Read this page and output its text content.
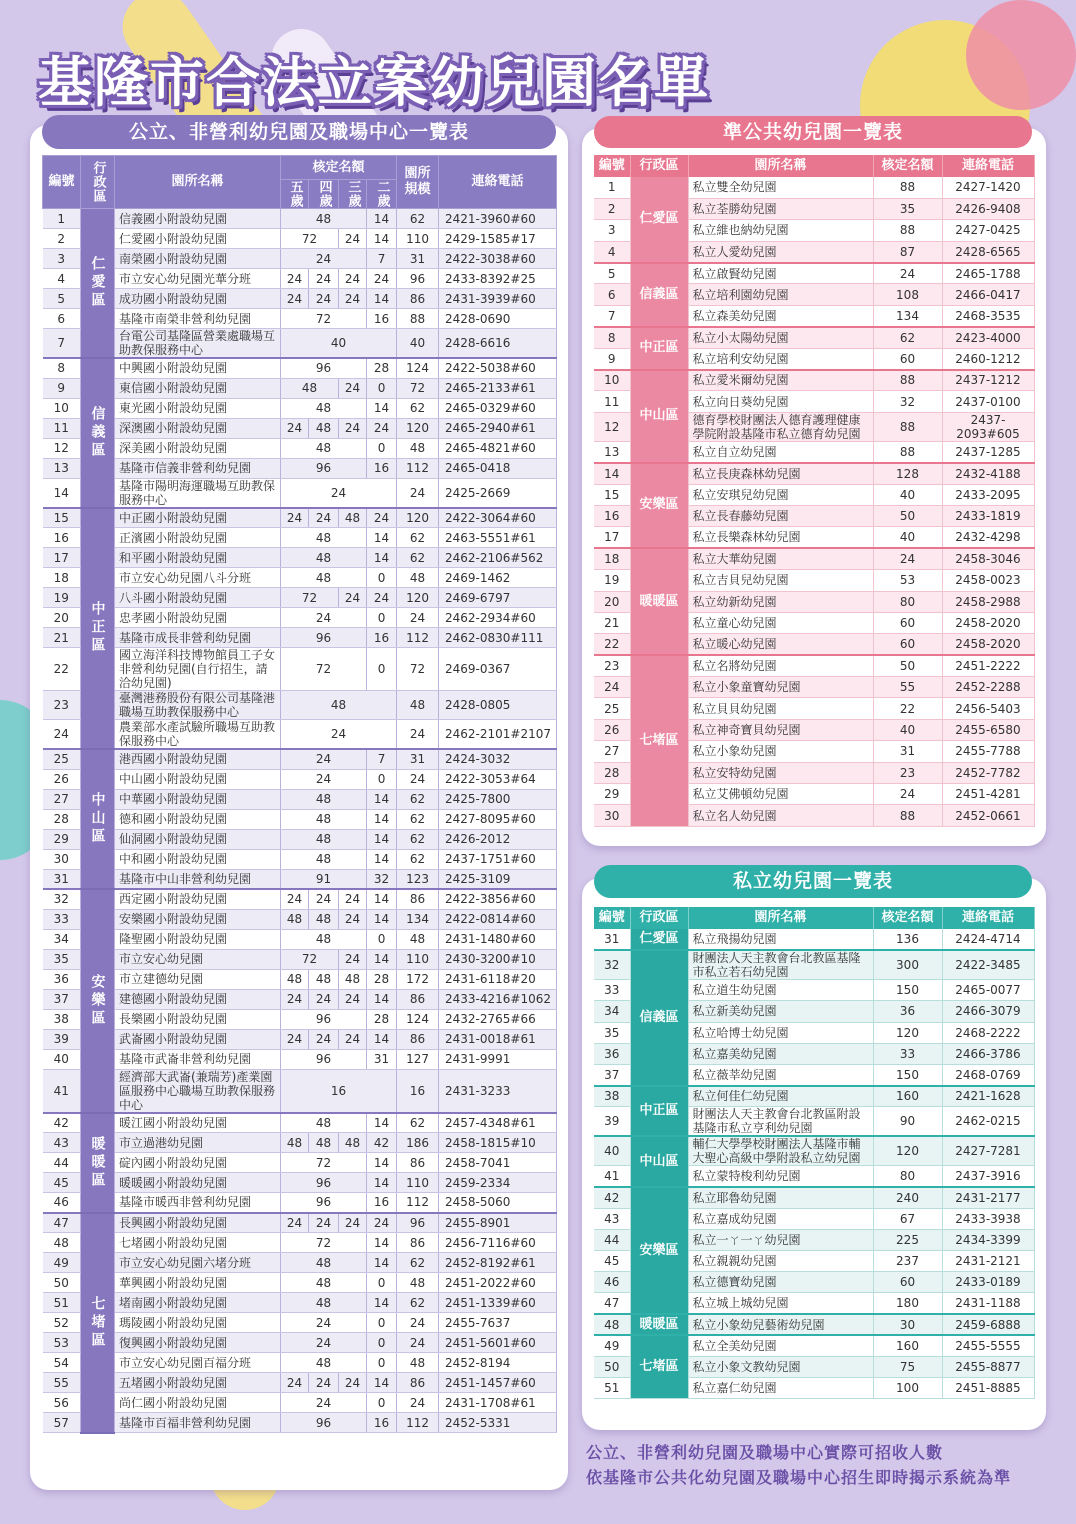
基隆市合法立案幼兒園名單
公立、非營利幼兒園及職場中心一覽表
編號	行政區	園所名稱	核定名額				園所規模	連絡電話
			五歲	四歲	三歲	二歲		
1	仁愛區	信義國小附設幼兒園	48			14	62	2421-3960#60
2		仁愛國小附設幼兒園	72		24	14	110	2429-1585#17
3		南榮國小附設幼兒園	24			7	31	2422-3038#60
4		市立安心幼兒園光華分班	24	24	24	24	96	2433-8392#25
5		成功國小附設幼兒園	24	24	24	14	86	2431-3939#60
6		基隆市南榮非營利幼兒園	72			16	88	2428-0690
7		台電公司基隆區營業處職場互助教保服務中心	40				40	2428-6616
8	信義區	中興國小附設幼兒園	96			28	124	2422-5038#60
9		東信國小附設幼兒園	48		24	0	72	2465-2133#61
10		東光國小附設幼兒園	48			14	62	2465-0329#60
11		深澳國小附設幼兒園	24	48	24	24	120	2465-2940#61
12		深美國小附設幼兒園	48			0	48	2465-4821#60
13		基隆市信義非營利幼兒園	96			16	112	2465-0418
14		基隆市陽明海運職場互助教保服務中心	24				24	2425-2669
15	中正區	中正國小附設幼兒園	24	24	48	24	120	2422-3064#60
16		正濱國小附設幼兒園	48			14	62	2463-5551#61
17		和平國小附設幼兒園	48			14	62	2462-2106#562
18		市立安心幼兒園八斗分班	48			0	48	2469-1462
19		八斗國小附設幼兒園	72		24	24	120	2469-6797
20		忠孝國小附設幼兒園	24			0	24	2462-2934#60
21		基隆市成長非營利幼兒園	96			16	112	2462-0830#111
22		國立海洋科技博物館員工子女非營利幼兒園(自行招生，請洽幼兒園)	72			0	72	2469-0367
23		臺灣港務股份有限公司基隆港職場互助教保服務中心	48				48	2428-0805
24		農業部水產試驗所職場互助教保服務中心	24				24	2462-2101#2107
25	中山區	港西國小附設幼兒園	24			7	31	2424-3032
26		中山國小附設幼兒園	24			0	24	2422-3053#64
27		中華國小附設幼兒園	48			14	62	2425-7800
28		德和國小附設幼兒園	48			14	62	2427-8095#60
29		仙洞國小附設幼兒園	48			14	62	2426-2012
30		中和國小附設幼兒園	48			14	62	2437-1751#60
31		基隆市中山非營利幼兒園	91			32	123	2425-3109
32	安樂區	西定國小附設幼兒園	24	24	24	14	86	2422-3856#60
33		安樂國小附設幼兒園	48	48	24	14	134	2422-0814#60
34		隆聖國小附設幼兒園	48			0	48	2431-1480#60
35		市立安心幼兒園	72		24	14	110	2430-3200#10
36		市立建德幼兒園	48	48	48	28	172	2431-6118#20
37		建德國小附設幼兒園	24	24	24	14	86	2433-4216#1062
38		長樂國小附設幼兒園	96			28	124	2432-2765#66
39		武崙國小附設幼兒園	24	24	24	14	86	2431-0018#61
40		基隆市武崙非營利幼兒園	96			31	127	2431-9991
41		經濟部大武崙(兼瑞芳)產業園區服務中心職場互助教保服務中心	16				16	2431-3233
42	暖暖區	暖江國小附設幼兒園	48			14	62	2457-4348#61
43		市立過港幼兒園	48	48	48	42	186	2458-1815#10
44		碇內國小附設幼兒園	72			14	86	2458-7041
45		暖暖國小附設幼兒園	96			14	110	2459-2334
46		基隆市暖西非營利幼兒園	96			16	112	2458-5060
47	七堵區	長興國小附設幼兒園	24	24	24	24	96	2455-8901
48		七堵國小附設幼兒園	72			14	86	2456-7116#60
49		市立安心幼兒園六堵分班	48			14	62	2452-8192#61
50		華興國小附設幼兒園	48			0	48	2451-2022#60
51		堵南國小附設幼兒園	48			14	62	2451-1339#60
52		瑪陵國小附設幼兒園	24			0	24	2455-7637
53		復興國小附設幼兒園	24			0	24	2451-5601#60
54		市立安心幼兒園百福分班	48			0	48	2452-8194
55		五堵國小附設幼兒園	24	24	24	14	86	2451-1457#60
56		尚仁國小附設幼兒園	24			0	24	2431-1708#61
57		基隆市百福非營利幼兒園	96			16	112	2452-5331
準公共幼兒園一覽表
編號	行政區	園所名稱	核定名額	連絡電話
1	仁愛區	私立雙全幼兒園	88	2427-1420
2		私立荃勝幼兒園	35	2426-9408
3		私立維也納幼兒園	88	2427-0425
4		私立人愛幼兒園	87	2428-6565
5	信義區	私立啟賢幼兒園	24	2465-1788
6		私立培利園幼兒園	108	2466-0417
7		私立森美幼兒園	134	2468-3535
8	中正區	私立小太陽幼兒園	62	2423-4000
9		私立培利安幼兒園	60	2460-1212
10	中山區	私立愛米爾幼兒園	88	2437-1212
11		私立向日葵幼兒園	32	2437-0100
12		德育學校財團法人德育護理健康學院附設基隆市私立德育幼兒園	88	2437-2093#605
13		私立自立幼兒園	88	2437-1285
14	安樂區	私立長庚森林幼兒園	128	2432-4188
15		私立安琪兒幼兒園	40	2433-2095
16		私立長春藤幼兒園	50	2433-1819
17		私立長樂森林幼兒園	40	2432-4298
18	暖暖區	私立大華幼兒園	24	2458-3046
19		私立吉貝兒幼兒園	53	2458-0023
20		私立幼新幼兒園	80	2458-2988
21		私立童心幼兒園	60	2458-2020
22		私立暖心幼兒園	60	2458-2020
23	七堵區	私立名將幼兒園	50	2451-2222
24		私立小象童寶幼兒園	55	2452-2288
25		私立貝貝幼兒園	22	2456-5403
26		私立神奇寶貝幼兒園	40	2455-6580
27		私立小象幼兒園	31	2455-7788
28		私立安特幼兒園	23	2452-7782
29		私立艾佛頓幼兒園	24	2451-4281
30		私立名人幼兒園	88	2452-0661
私立幼兒園一覽表
編號	行政區	園所名稱	核定名額	連絡電話
31	仁愛區	私立飛揚幼兒園	136	2424-4714
32	信義區	財團法人天主教會台北教區基隆市私立若石幼兒園	300	2422-3485
33		私立道生幼兒園	150	2465-0077
34		私立新美幼兒園	36	2466-3079
35		私立哈博士幼兒園	120	2468-2222
36		私立嘉美幼兒園	33	2466-3786
37		私立薇莘幼兒園	150	2468-0769
38	中正區	私立何佳仁幼兒園	160	2421-1628
39		財團法人天主教會台北教區附設基隆市私立亨利幼兒園	90	2462-0215
40	中山區	輔仁大學學校財團法人基隆市輔大聖心高級中學附設私立幼兒園	120	2427-7281
41		私立蒙特梭利幼兒園	80	2437-3916
42	安樂區	私立耶魯幼兒園	240	2431-2177
43		私立嘉成幼兒園	67	2433-3938
44		私立一ㄚ一ㄚ幼兒園	225	2434-3399
45		私立親親幼兒園	237	2431-2121
46		私立德寶幼兒園	60	2433-0189
47		私立城上城幼兒園	180	2431-1188
48	暖暖區	私立小象幼兒藝術幼兒園	30	2459-6888
49	七堵區	私立全美幼兒園	160	2455-5555
50		私立小象文教幼兒園	75	2455-8877
51		私立嘉仁幼兒園	100	2451-8885
公立、非營利幼兒園及職場中心實際可招收人數
依基隆市公共化幼兒園及職場中心招生即時揭示系統為準
